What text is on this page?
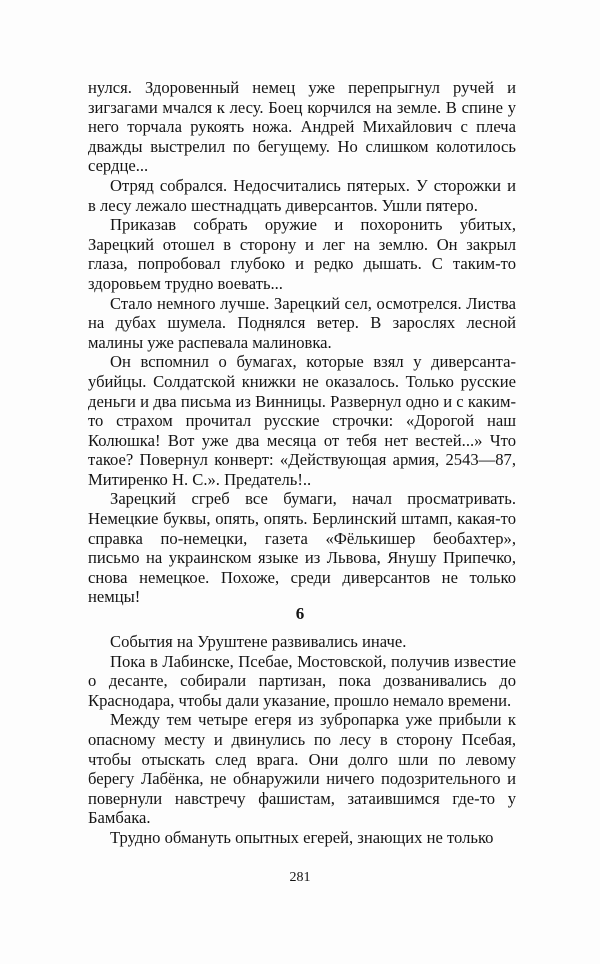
нулся. Здоровенный немец уже перепрыгнул ручей и зигзагами мчался к лесу. Боец корчился на земле. В спине у него торчала рукоять ножа. Андрей Михайлович с плеча дважды выстрелил по бегущему. Но слишком колотилось сердце...

Отряд собрался. Недосчитались пятерых. У сторожки и в лесу лежало шестнадцать диверсантов. Ушли пятеро.

Приказав собрать оружие и похоронить убитых, Зарецкий отошел в сторону и лег на землю. Он закрыл глаза, попробовал глубоко и редко дышать. С таким-то здоровьем трудно воевать...

Стало немного лучше. Зарецкий сел, осмотрелся. Листва на дубах шумела. Поднялся ветер. В зарослях лесной малины уже распевала малиновка.

Он вспомнил о бумагах, которые взял у диверсанта-убийцы. Солдатской книжки не оказалось. Только русские деньги и два письма из Винницы. Развернул одно и с каким-то страхом прочитал русские строчки: «Дорогой наш Колюшка! Вот уже два месяца от тебя нет вестей...» Что такое? Повернул конверт: «Действующая армия, 2543—87, Митиренко Н. С.». Предатель!..

Зарецкий сгреб все бумаги, начал просматривать. Немецкие буквы, опять, опять. Берлинский штамп, какая-то справка по-немецки, газета «Фёлькишер беобахтер», письмо на украинском языке из Львова, Янушу Припечко, снова немецкое. Похоже, среди диверсантов не только немцы!

6

События на Уруштене развивались иначе.

Пока в Лабинске, Псебае, Мостовской, получив известие о десанте, собирали партизан, пока дозванивались до Краснодара, чтобы дали указание, прошло немало времени.

Между тем четыре егеря из зубропарка уже прибыли к опасному месту и двинулись по лесу в сторону Псебая, чтобы отыскать след врага. Они долго шли по левому берегу Лабёнка, не обнаружили ничего подозрительного и повернули навстречу фашистам, затаившимся где-то у Бамбака.

Трудно обмануть опытных егерей, знающих не только

281
